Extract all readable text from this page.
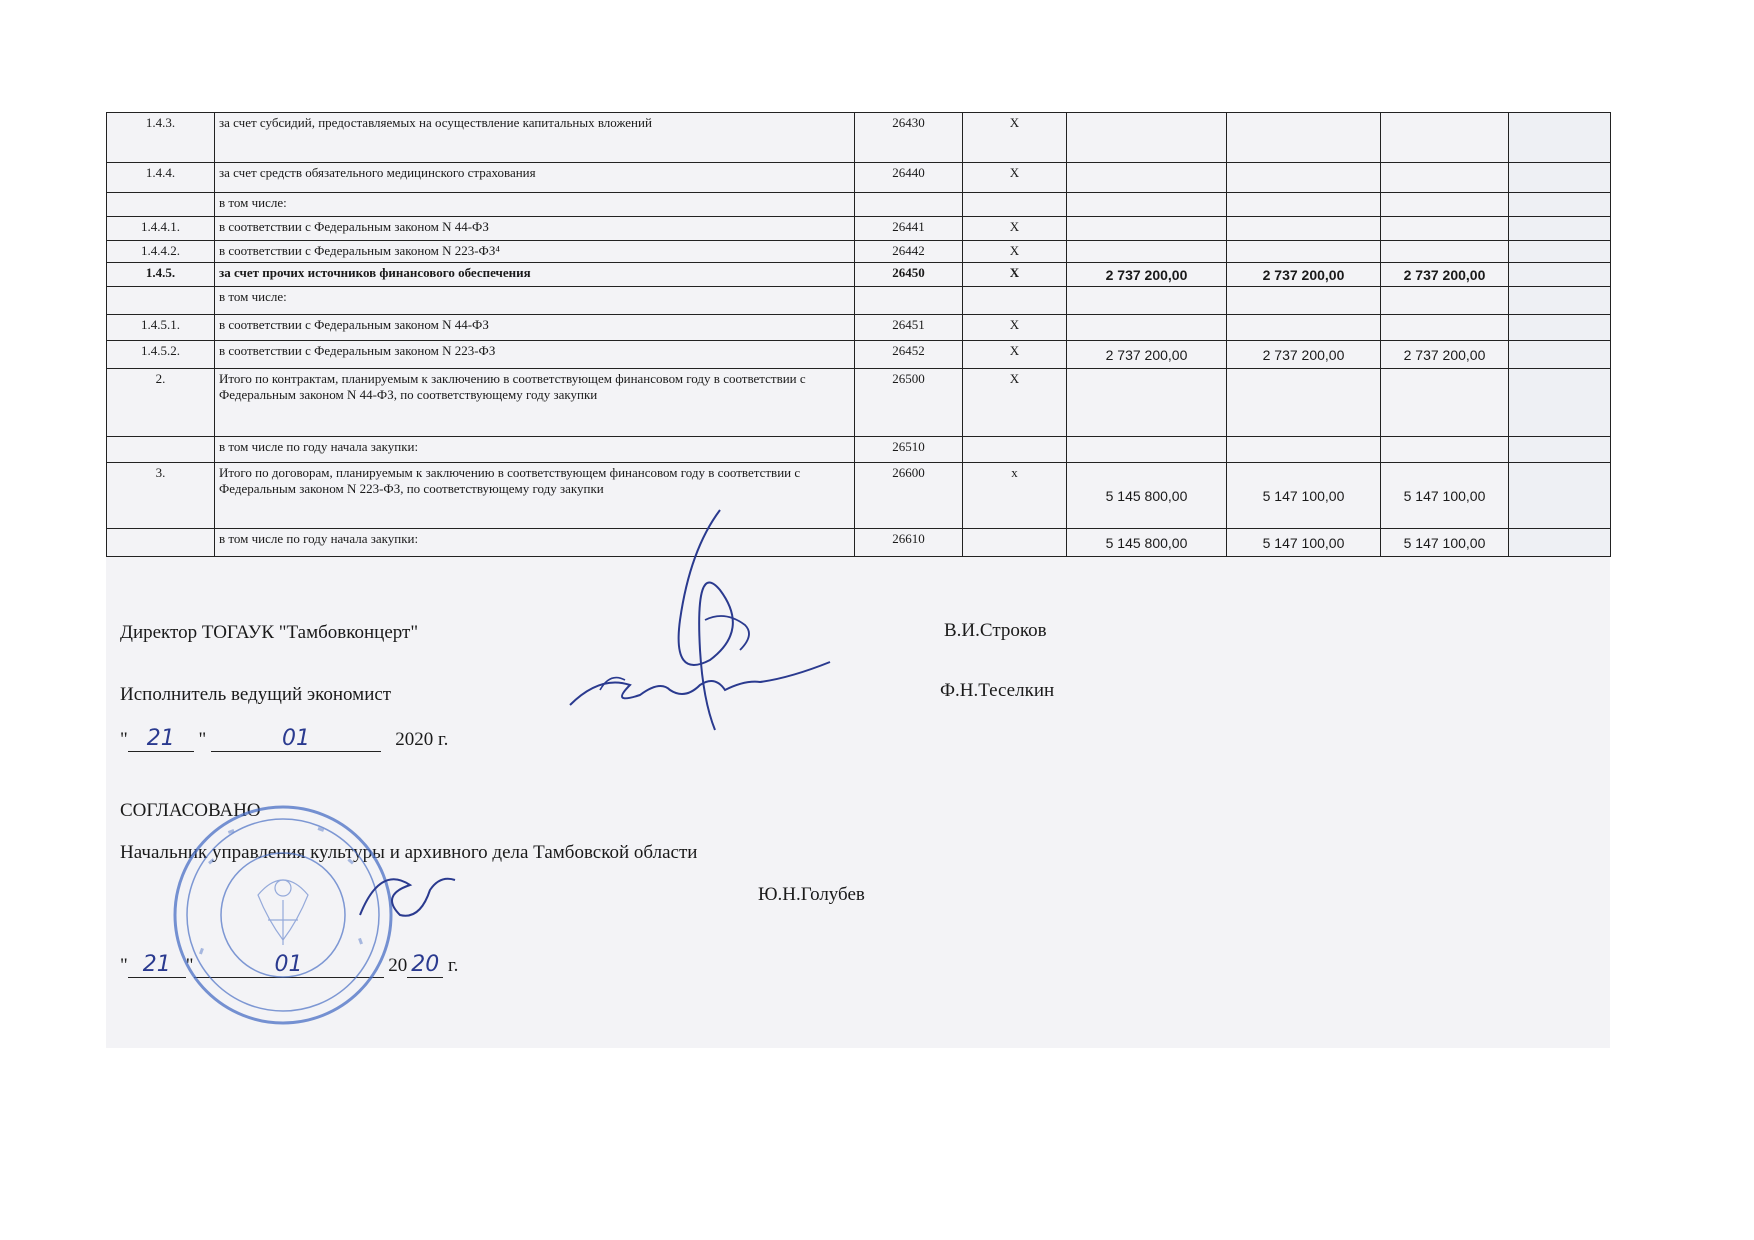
1.4.3.	за счет субсидий, предоставляемых на осуществление капитальных вложений	26430	X				
1.4.4.	за счет средств обязательного медицинского страхования	26440	X				
	в том числе:						
1.4.4.1.	в соответствии с Федеральным законом N 44-ФЗ	26441	X				
1.4.4.2.	в соответствии с Федеральным законом N 223-ФЗ⁴	26442	X				
1.4.5.	за счет прочих источников финансового обеспечения	26450	X	2 737 200,00	2 737 200,00	2 737 200,00	
	в том числе:						
1.4.5.1.	в соответствии с Федеральным законом N 44-ФЗ	26451	X				
1.4.5.2.	в соответствии с Федеральным законом N 223-ФЗ	26452	X	2 737 200,00	2 737 200,00	2 737 200,00	
2.	Итого по контрактам, планируемым к заключению в соответствующем финансовом году в соответствии с Федеральным законом N 44-ФЗ, по соответствующему году закупки	26500	X				
	в том числе по году начала закупки:	26510					
3.	Итого по договорам, планируемым к заключению в соответствующем финансовом году в соответствии с Федеральным законом N 223-ФЗ, по соответствующему году закупки	26600	x	5 145 800,00	5 147 100,00	5 147 100,00	
	в том числе по году начала закупки:	26610		5 145 800,00	5 147 100,00	5 147 100,00	
Директор ТОГАУК "Тамбовконцерт"	В.И.Строков
Исполнитель ведущий экономист	Ф.Н.Теселкин
" 21 "	01	2020 г.
СОГЛАСОВАНО
Начальник управления культуры и архивного дела Тамбовской области
Ю.Н.Голубев
" 21 "	01	20 20 г.
